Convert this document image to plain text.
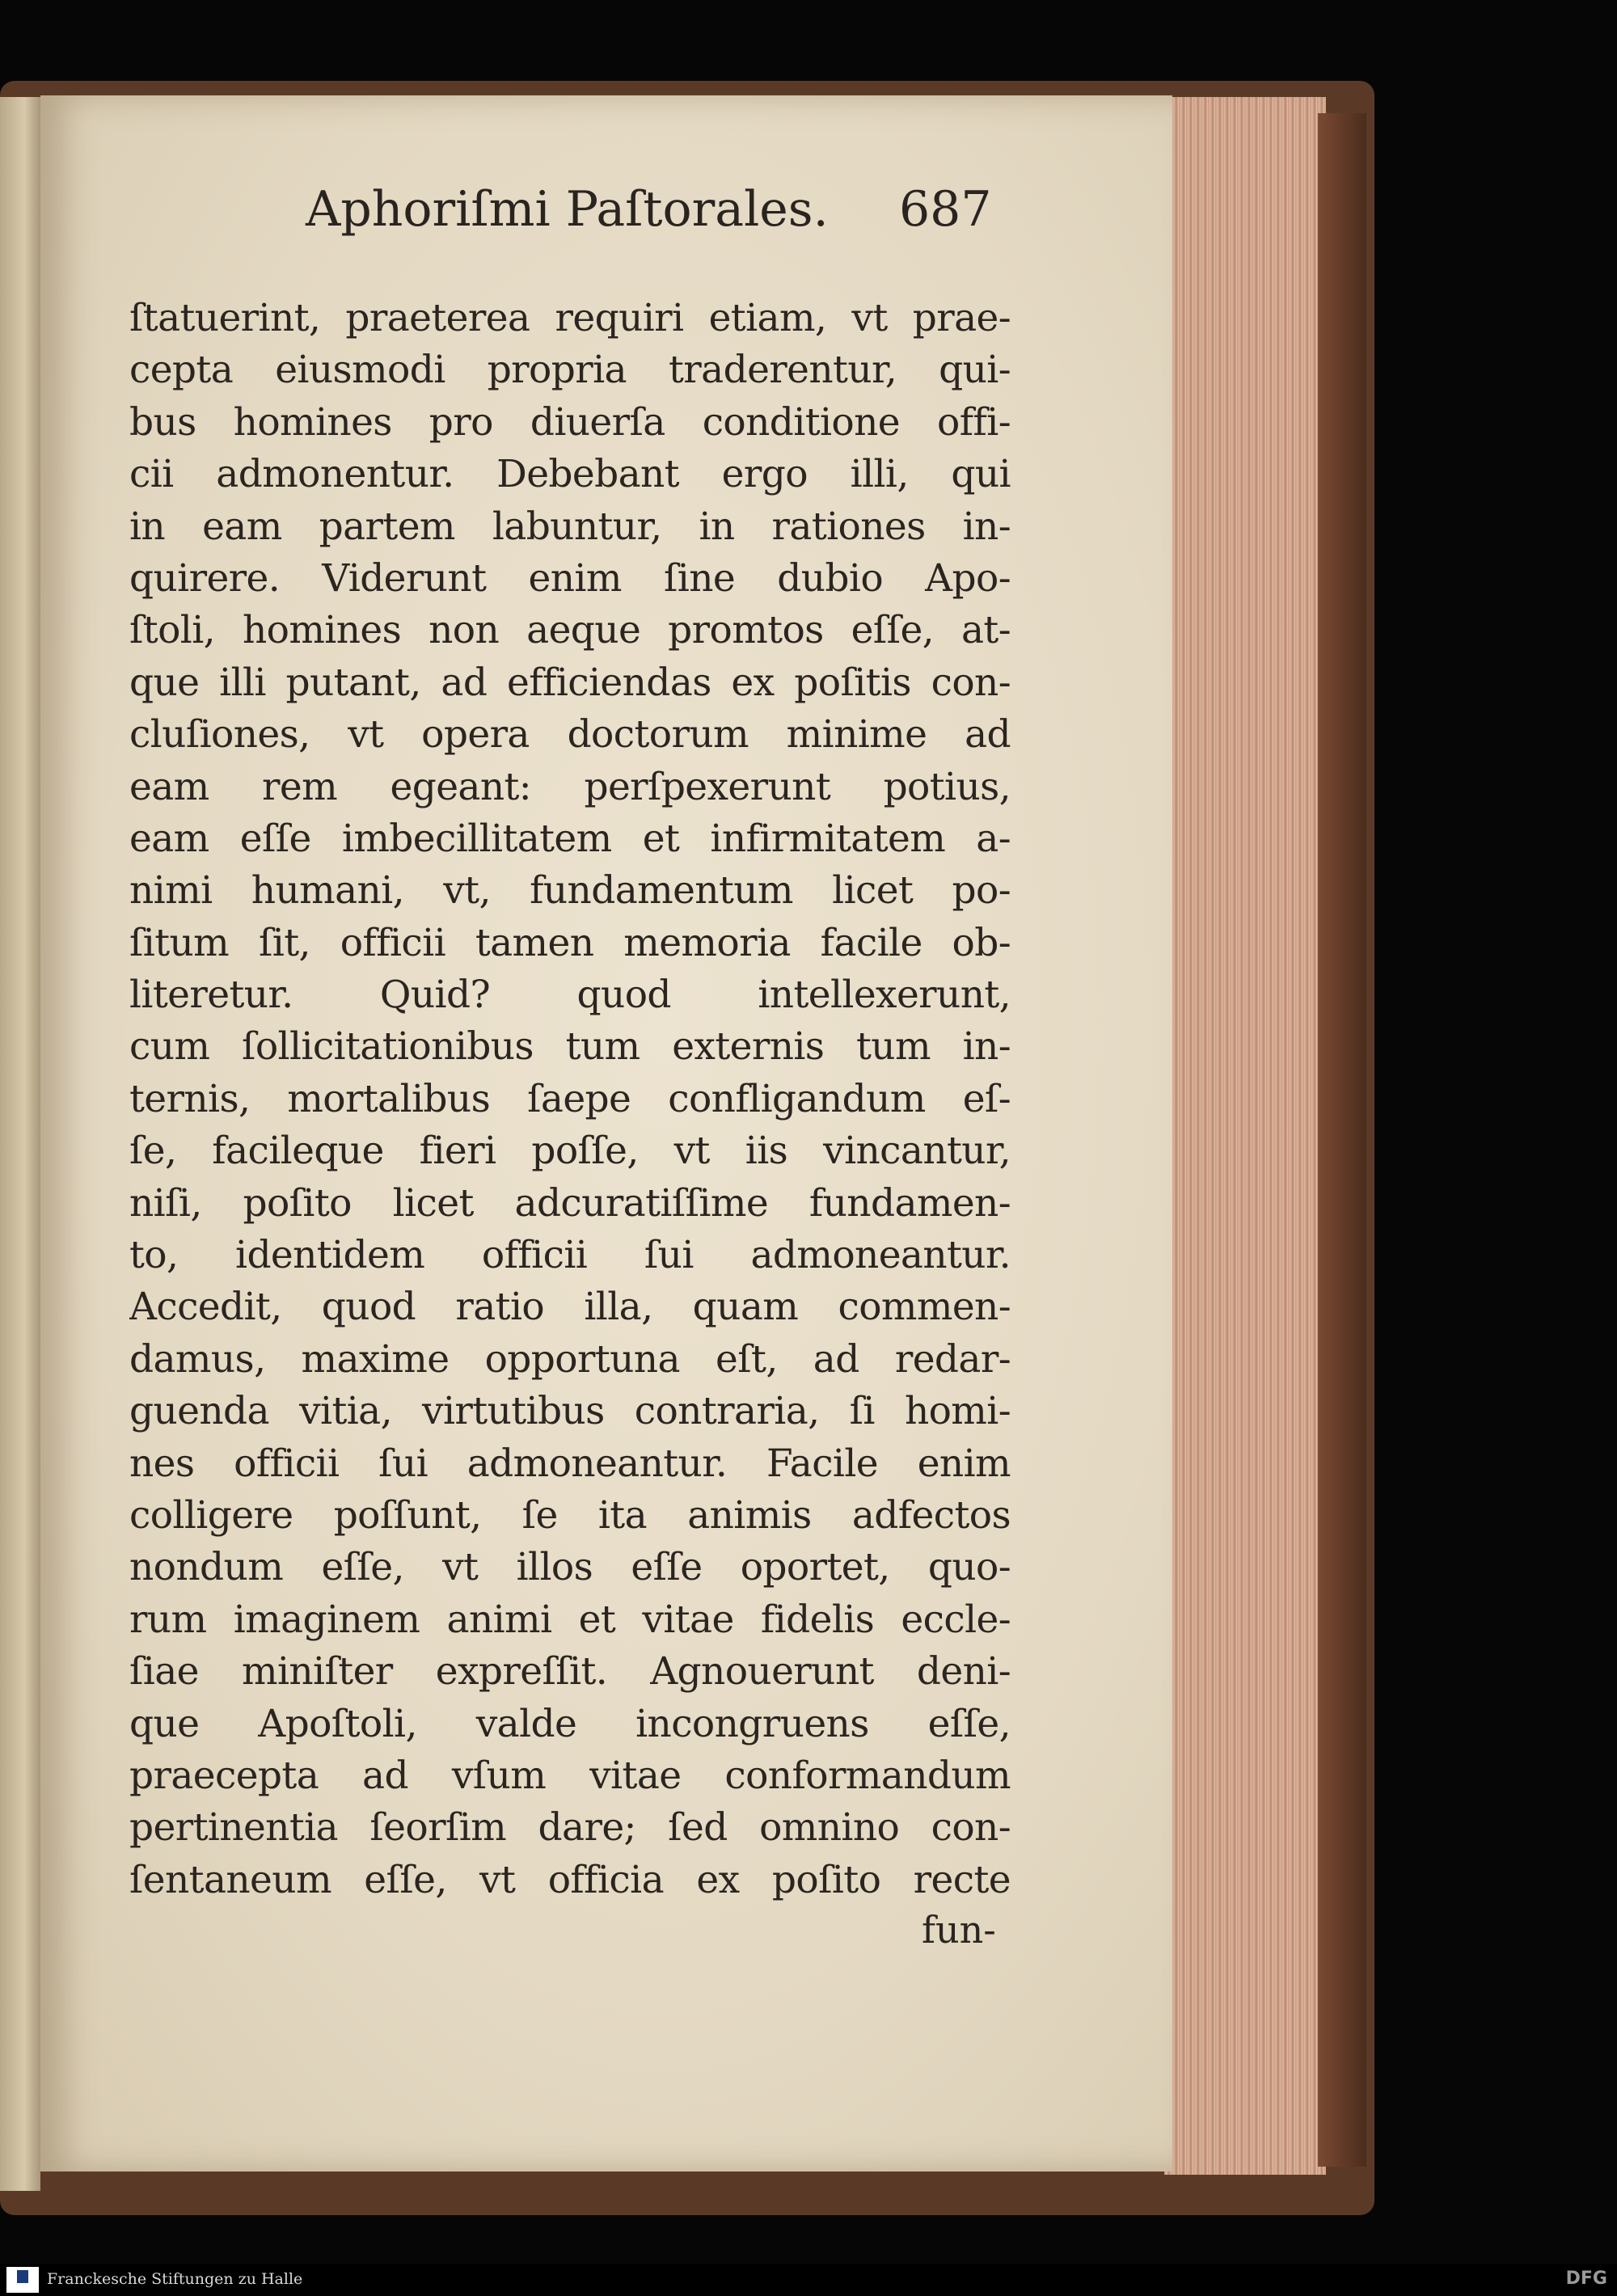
Aphoriſmi Paſtorales. 687
ſtatuerint, praeterea requiri etiam, vt prae-
cepta eiusmodi propria traderentur, qui-
bus homines pro diuerſa conditione offi-
cii admonentur. Debebant ergo illi, qui
in eam partem labuntur, in rationes in-
quirere. Viderunt enim ſine dubio Apo-
ſtoli, homines non aeque promtos eſſe, at-
que illi putant, ad efficiendas ex poſitis con-
cluſiones, vt opera doctorum minime ad
eam rem egeant: perſpexerunt potius,
eam eſſe imbecillitatem et infirmitatem a-
nimi humani, vt, fundamentum licet po-
ſitum ſit, officii tamen memoria facile ob-
literetur. Quid? quod intellexerunt,
cum ſollicitationibus tum externis tum in-
ternis, mortalibus ſaepe confligandum eſ-
ſe, facileque fieri poſſe, vt iis vincantur,
niſi, poſito licet adcuratiſſime fundamen-
to, identidem officii ſui admoneantur.
Accedit, quod ratio illa, quam commen-
damus, maxime opportuna eſt, ad redar-
guenda vitia, virtutibus contraria, ſi homi-
nes officii ſui admoneantur. Facile enim
colligere poſſunt, ſe ita animis adfectos
nondum eſſe, vt illos eſſe oportet, quo-
rum imaginem animi et vitae fidelis eccle-
ſiae miniſter expreſſit. Agnouerunt deni-
que Apoſtoli, valde incongruens eſſe,
praecepta ad vſum vitae conformandum
pertinentia ſeorſim dare; ſed omnino con-
ſentaneum eſſe, vt officia ex poſito recte
fun-
Franckesche Stiftungen zu Halle	DFG
